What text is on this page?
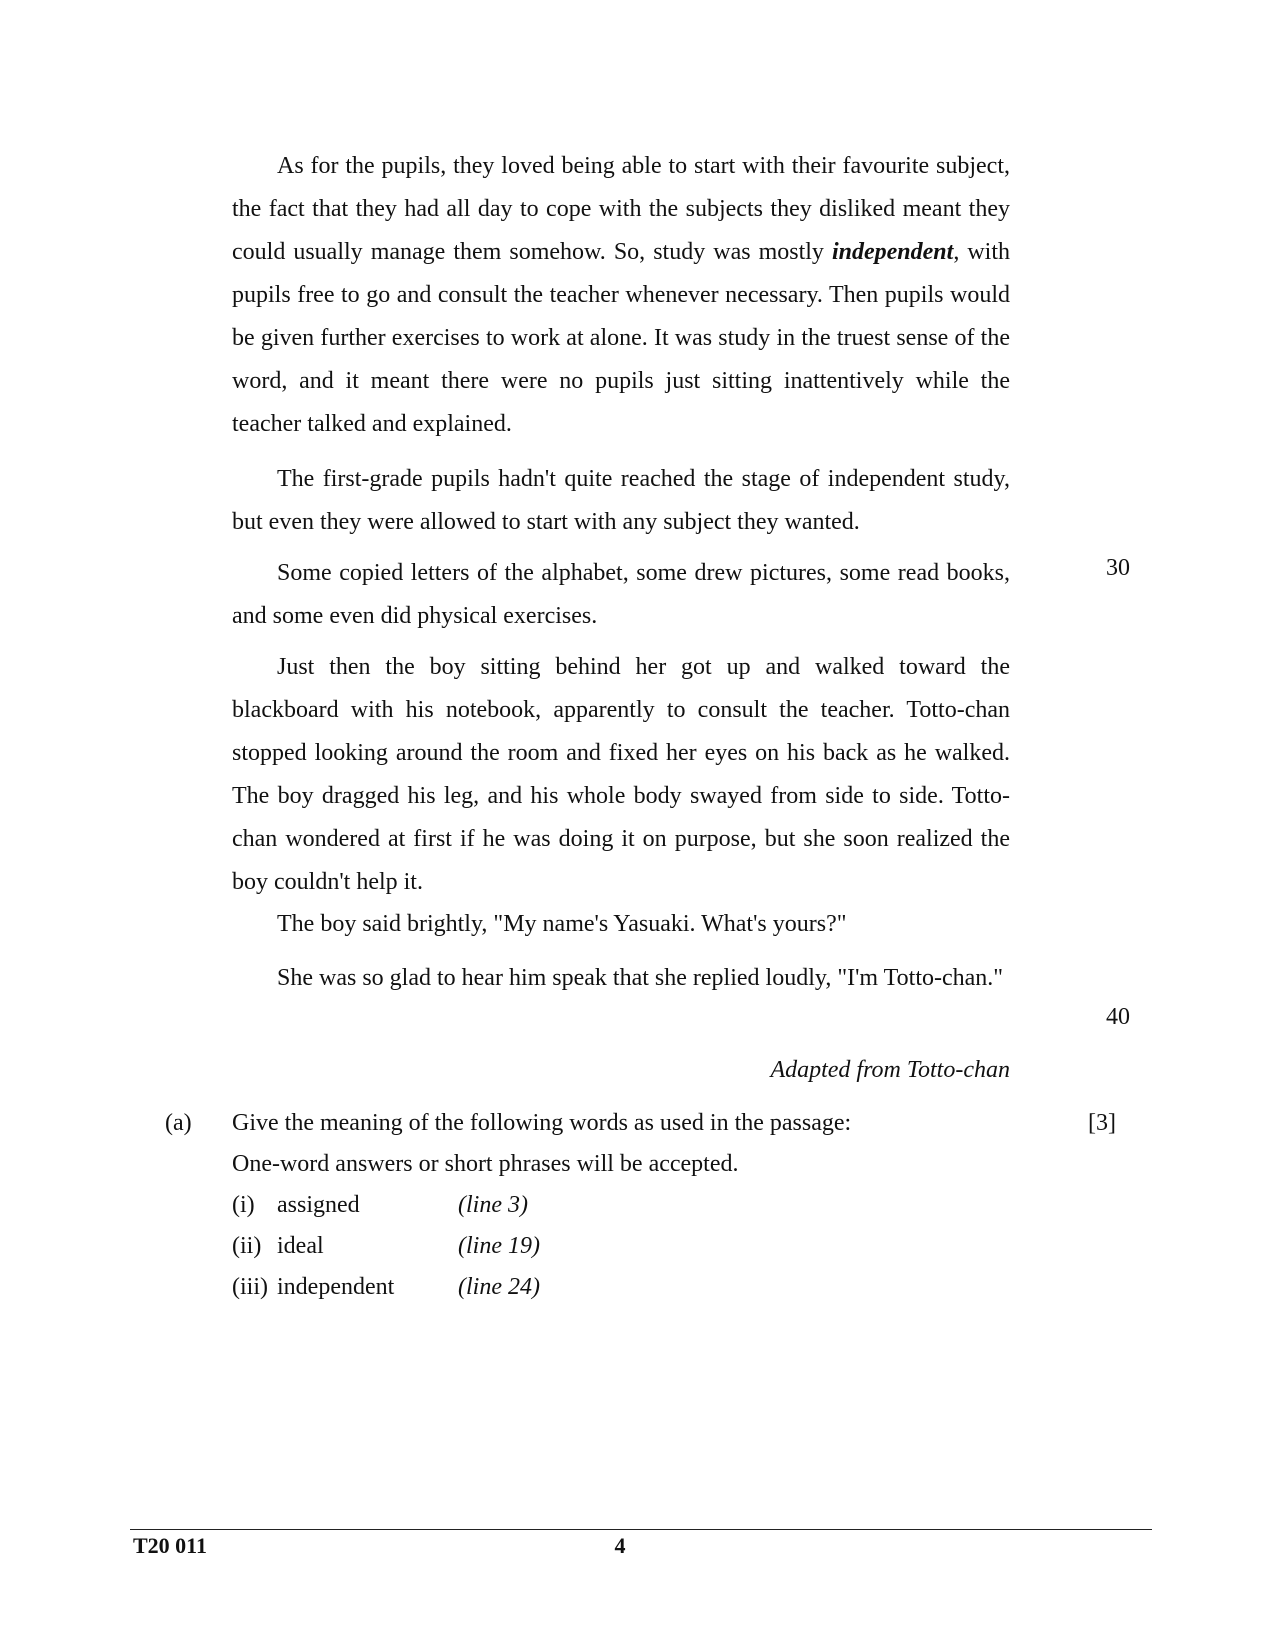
As for the pupils, they loved being able to start with their favourite subject, the fact that they had all day to cope with the subjects they disliked meant they could usually manage them somehow. So, study was mostly independent, with pupils free to go and consult the teacher whenever necessary. Then pupils would be given further exercises to work at alone. It was study in the truest sense of the word, and it meant there were no pupils just sitting inattentively while the teacher talked and explained.

The first-grade pupils hadn't quite reached the stage of independent study, but even they were allowed to start with any subject they wanted.

Some copied letters of the alphabet, some drew pictures, some read books, and some even did physical exercises.

30

Just then the boy sitting behind her got up and walked toward the blackboard with his notebook, apparently to consult the teacher. Totto-chan stopped looking around the room and fixed her eyes on his back as he walked. The boy dragged his leg, and his whole body swayed from side to side. Totto-chan wondered at first if he was doing it on purpose, but she soon realized the boy couldn't help it.

The boy said brightly, "My name's Yasuaki. What's yours?"

She was so glad to hear him speak that she replied loudly, "I'm Totto-chan."

40
Adapted from Totto-chan
(a) Give the meaning of the following words as used in the passage:	[3]
One-word answers or short phrases will be accepted.
(i) assigned	(line 3)
(ii) ideal	(line 19)
(iii) independent	(line 24)
T20 011	4
